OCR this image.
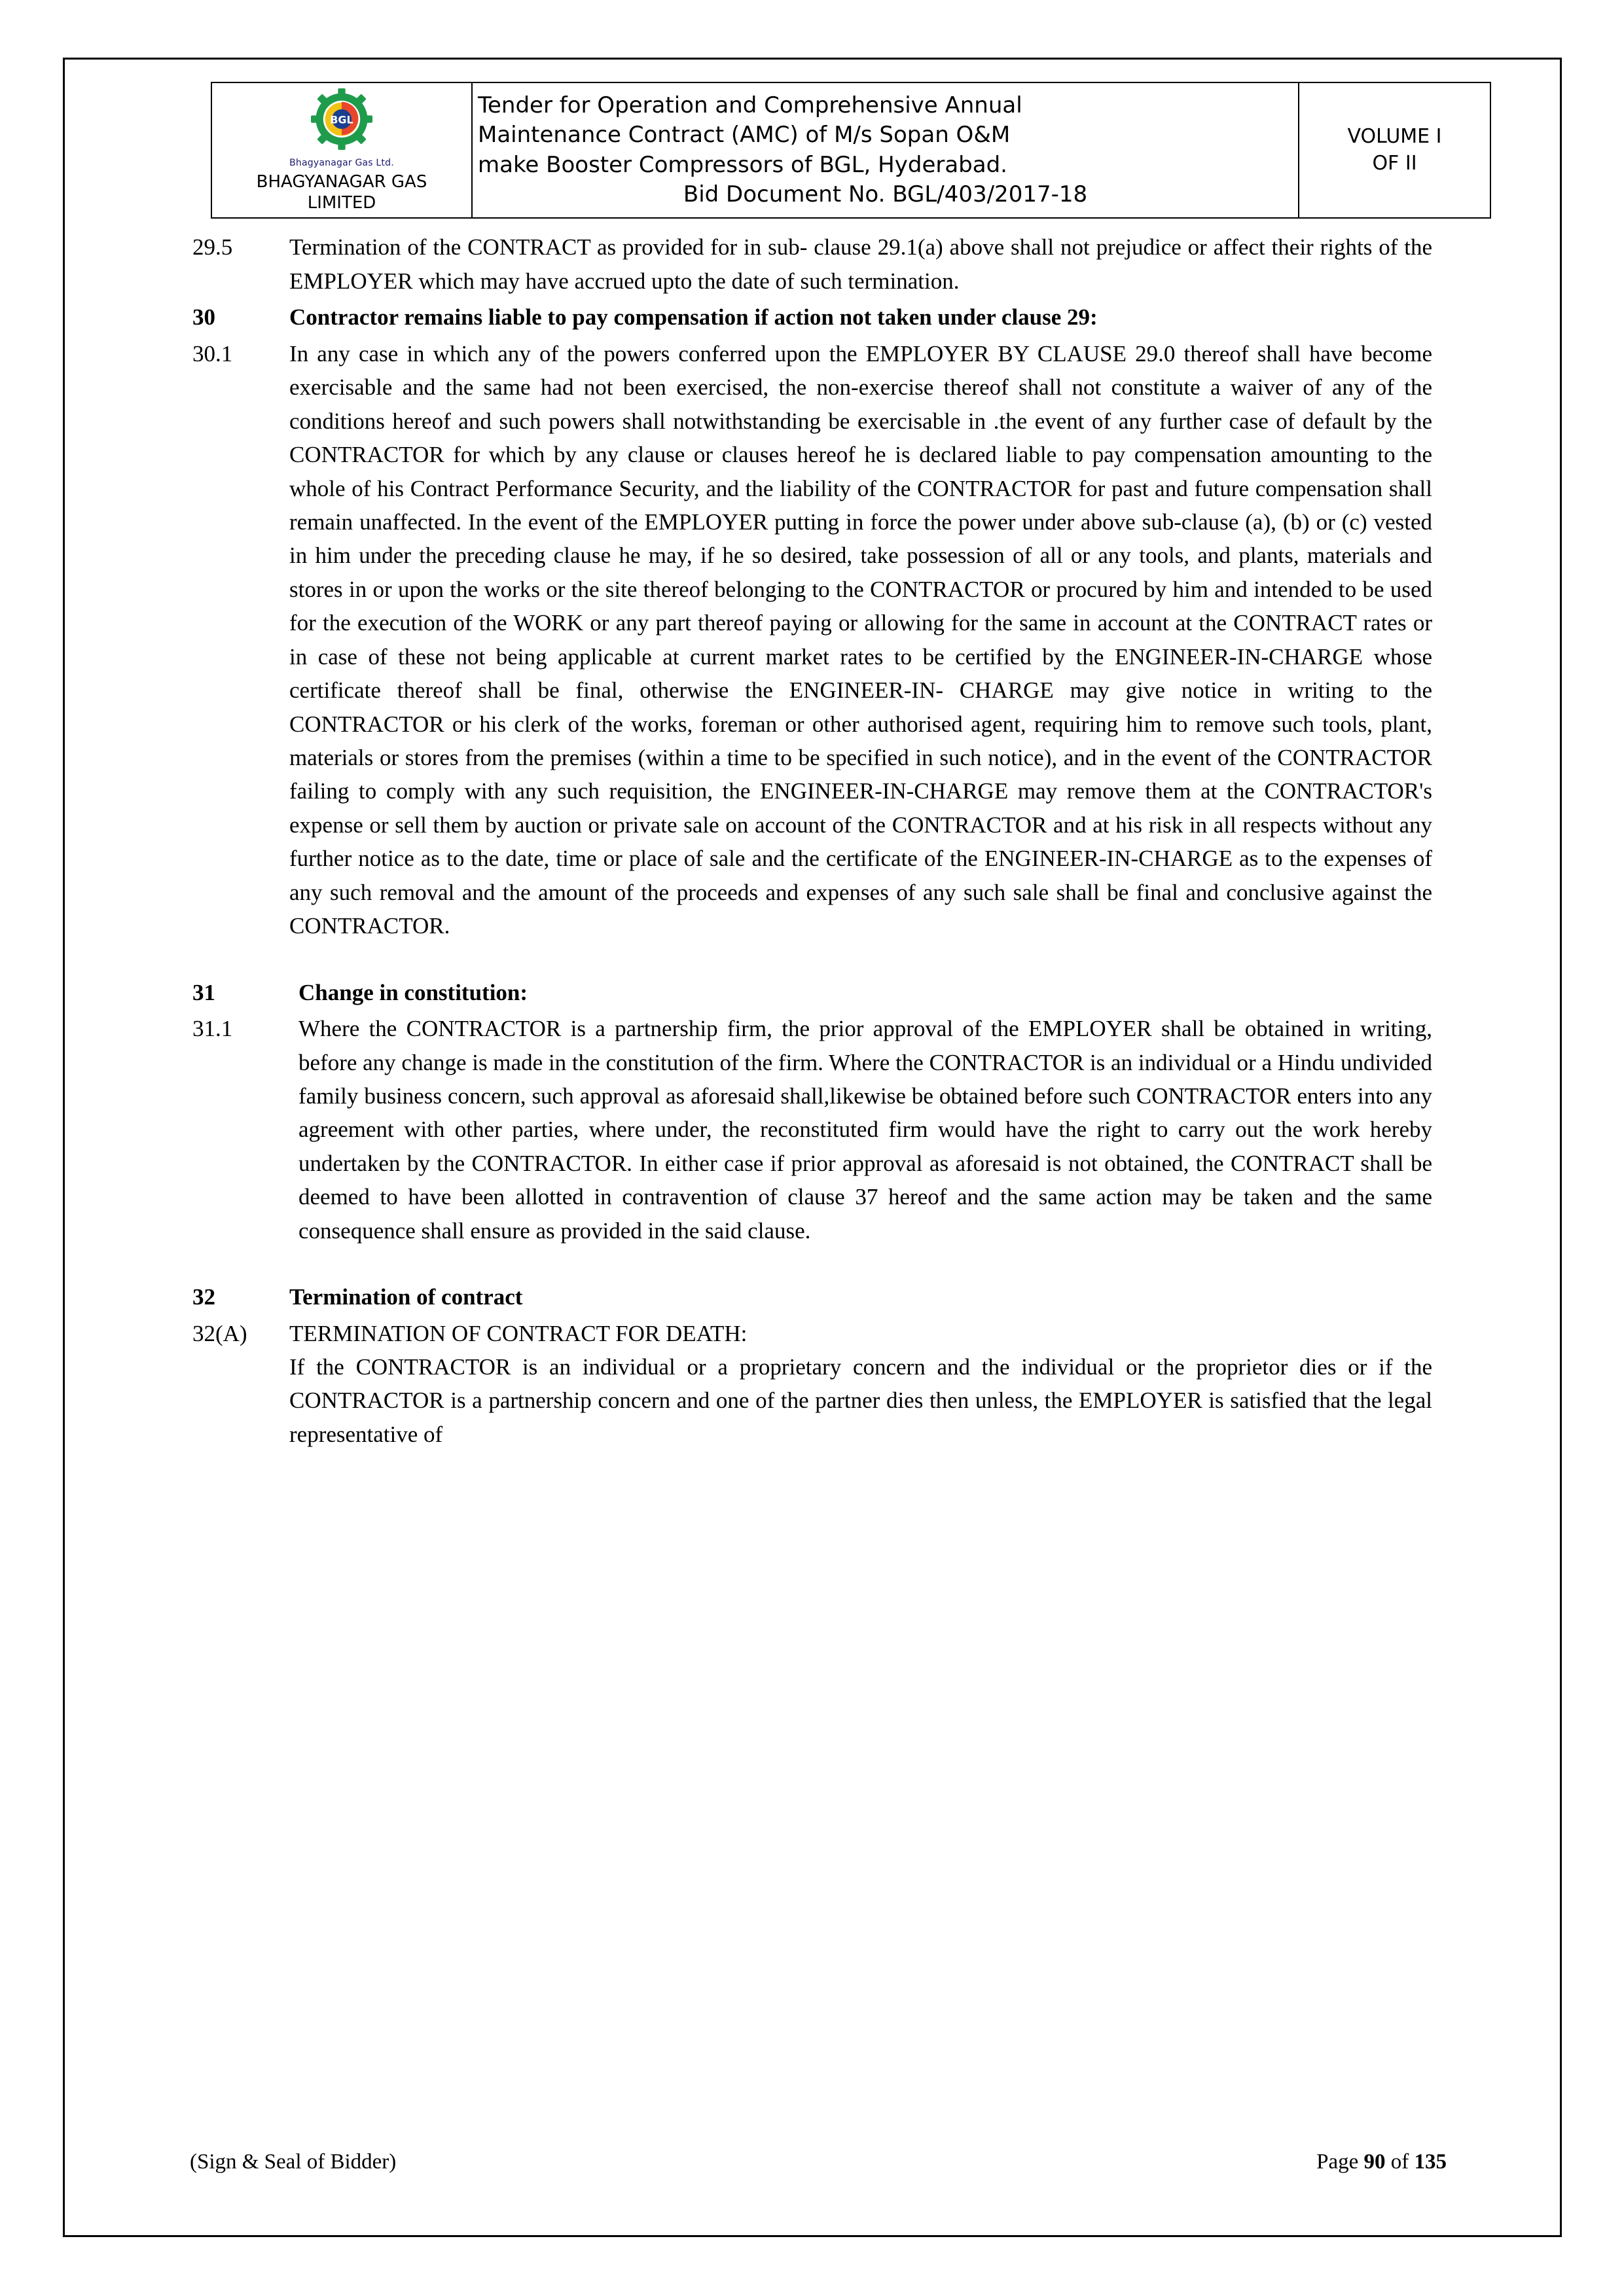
BGL
Bhagyanagar Gas Ltd.
BHAGYANAGAR GAS
LIMITED

Tender for Operation and Comprehensive Annual
Maintenance Contract (AMC) of M/s Sopan O&M
make Booster Compressors of BGL, Hyderabad.
Bid Document No. BGL/403/2017-18

VOLUME I
OF II
29.5	Termination of the CONTRACT as provided for in sub- clause 29.1(a) above shall not prejudice or affect their rights of the EMPLOYER which may have accrued upto the date of such termination.
30	Contractor remains liable to pay compensation if action not taken under clause 29:
30.1	In any case in which any of the powers conferred upon the EMPLOYER BY CLAUSE 29.0 thereof shall have become exercisable and the same had not been exercised, the non-exercise thereof shall not constitute a waiver of any of the conditions hereof and such powers shall notwithstanding be exercisable in .the event of any further case of default by the CONTRACTOR for which by any clause or clauses hereof he is declared liable to pay compensation amounting to the whole of his Contract Performance Security, and the liability of the CONTRACTOR for past and future compensation shall remain unaffected. In the event of the EMPLOYER putting in force the power under above sub-clause (a), (b) or (c) vested in him under the preceding clause he may, if he so desired, take possession of all or any tools, and plants, materials and stores in or upon the works or the site thereof belonging to the CONTRACTOR or procured by him and intended to be used for the execution of the WORK or any part thereof paying or allowing for the same in account at the CONTRACT rates or in case of these not being applicable at current market rates to be certified by the ENGINEER-IN-CHARGE whose certificate thereof shall be final, otherwise the ENGINEER-IN- CHARGE may give notice in writing to the CONTRACTOR or his clerk of the works, foreman or other authorised agent, requiring him to remove such tools, plant, materials or stores from the premises (within a time to be specified in such notice), and in the event of the CONTRACTOR failing to comply with any such requisition, the ENGINEER-IN-CHARGE may remove them at the CONTRACTOR's expense or sell them by auction or private sale on account of the CONTRACTOR and at his risk in all respects without any further notice as to the date, time or place of sale and the certificate of the ENGINEER-IN-CHARGE as to the expenses of any such removal and the amount of the proceeds and expenses of any such sale shall be final and conclusive against the CONTRACTOR.
31	Change in constitution:
31.1	Where the CONTRACTOR is a partnership firm, the prior approval of the EMPLOYER shall be obtained in writing, before any change is made in the constitution of the firm. Where the CONTRACTOR is an individual or a Hindu undivided family business concern, such approval as aforesaid shall,likewise be obtained before such CONTRACTOR enters into any agreement with other parties, where under, the reconstituted firm would have the right to carry out the work hereby undertaken by the CONTRACTOR. In either case if prior approval as aforesaid is not obtained, the CONTRACT shall be deemed to have been allotted in contravention of clause 37 hereof and the same action may be taken and the same consequence shall ensure as provided in the said clause.
32	Termination of contract
32(A)	TERMINATION OF CONTRACT FOR DEATH:
If the CONTRACTOR is an individual or a proprietary concern and the individual or the proprietor dies or if the CONTRACTOR is a partnership concern and one of the partner dies then unless, the EMPLOYER is satisfied that the legal representative of
(Sign & Seal of Bidder)	Page 90 of 135
